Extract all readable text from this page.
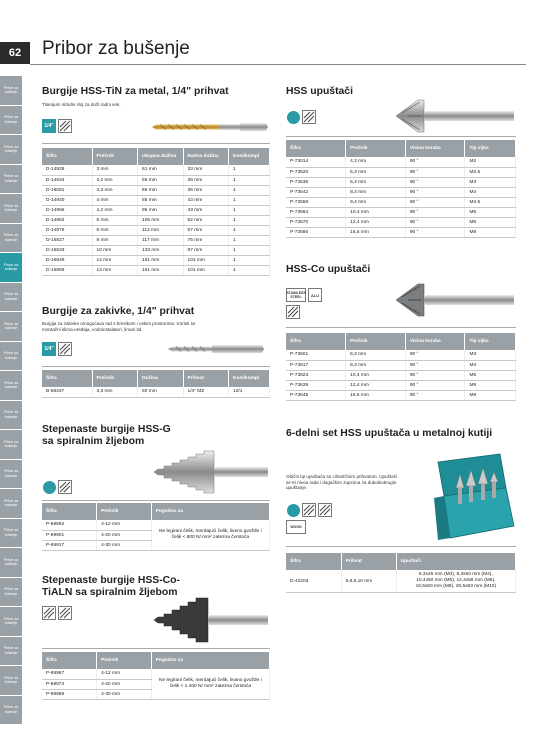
Pribor za bušenje
Pribor za bušenje
Pribor za bušenje
Pribor za bušenje
Pribor za bušenje
Pribor za bušenje
Pribor za bušenje
Pribor za bušenje
Pribor za bušenje
Pribor za bušenje
Pribor za bušenje
Pribor za bušenje
Pribor za bušenje
Pribor za bušenje
Pribor za bušenje
Pribor za bušenje
Pribor za bušenje
Pribor za bušenje
Pribor za bušenje
Pribor za bušenje
Pribor za bušenje
Pribor za bušenje
62	Pribor za bušenje
Burgije HSS-TiN za metal, 1/4" prihvat
Titanijum nitridni sloj za duži radni vek.
1/4"
Šifra	Prečnik	Ukupna dužina	Radna dužina	Kom/kompl
D-14928	3 mm	61 mm	33 mm	1
D-14934	3,2 mm	65 mm	36 mm	1
D-16081	3,3 mm	65 mm	36 mm	1
D-14940	4 mm	85 mm	43 mm	1
D-14956	4,2 mm	95 mm	43 mm	1
D-14962	5 mm	106 mm	52 mm	1
D-14978	6 mm	113 mm	57 mm	1
D-15827	8 mm	117 mm	75 mm	1
D-15833	10 mm	133 mm	87 mm	1
D-15849	12 mm	151 mm	101 mm	1
D-15855	13 mm	151 mm	101 mm	1
Burgije za zakivke, 1/4" prihvat
Burgija za zakivke omogućava rad s bresikom i uskim prostorima. Koristi se montažni klima-uređaja, vodoinstalateri, limari itd.
1/4"
Šifra	Prečnik	Dužina	Prihvat	Kom/kompl
B-58437	3,3 mm	50 mm	1/4" MZ	10/1
Stepenaste burgije HSS-G
sa spiralnim žljebom
Šifra	Prečnik	Pogodno za
P-69892	4-12 mm	Ne legirani čelik, merdajući čelik, liveno gvožđe i čelik < 800 N/ mm² zatezna čvrstoća
P-69901	4-20 mm	
P-69917	4-30 mm	
Stepenaste burgije HSS-Co-
TiALN sa spiralnim žljebom
Šifra	Prečnik	Pogodno za
P-69967	4-12 mm	Ne legirani čelik, merdajući čelik, livano gvožđe i čelik < 1.400 N/ mm² zatezna čvrstoća
P-69973	4-20 mm	
P-69989	4-30 mm	
HSS upuštači
Šifra	Prečnik	Visina koraka	Tip vijka
P-73014	4,3 mm	90 °	M2
P-73520	5,3 mm	90 °	M2.5
P-73536	6,3 mm	90 °	M3
P-73542	8,3 mm	90 °	M4
P-73558	9,4 mm	90 °	M4.5
P-73564	10,4 mm	90 °	M5
P-73570	12,4 mm	90 °	M6
P-73586	16,5 mm	90 °	M8
HSS-Co upuštači
STAINLESS STEEL	ALU
Šifra	Prečnik	Visina koraka	Tip vijka
P-73601	6,3 mm	90 °	M3
P-73617	8,3 mm	90 °	M4
P-73623	10,4 mm	90 °	M5
P-73639	12,4 mm	90 °	M6
P-73645	16,5 mm	90 °	M8
6-delni set HSS upuštača u metalnoj kutiji
Obični tip upuštača sa cilindričnim prihvatom. Upuštači se tri nivoa rada i dugačkim zupcima za dubokiokruglo upuštanje.
WOOD
Šifra	Prihvat	Upuštači
D-42204	5,6,8,10 mm	6,3x45 mm (M3), 8,3x50 mm (M4),
10,4x50 mm (M5), 12,4x56 mm (M6),
16,5x60 mm (M8), 20,5x63 mm (M10)
